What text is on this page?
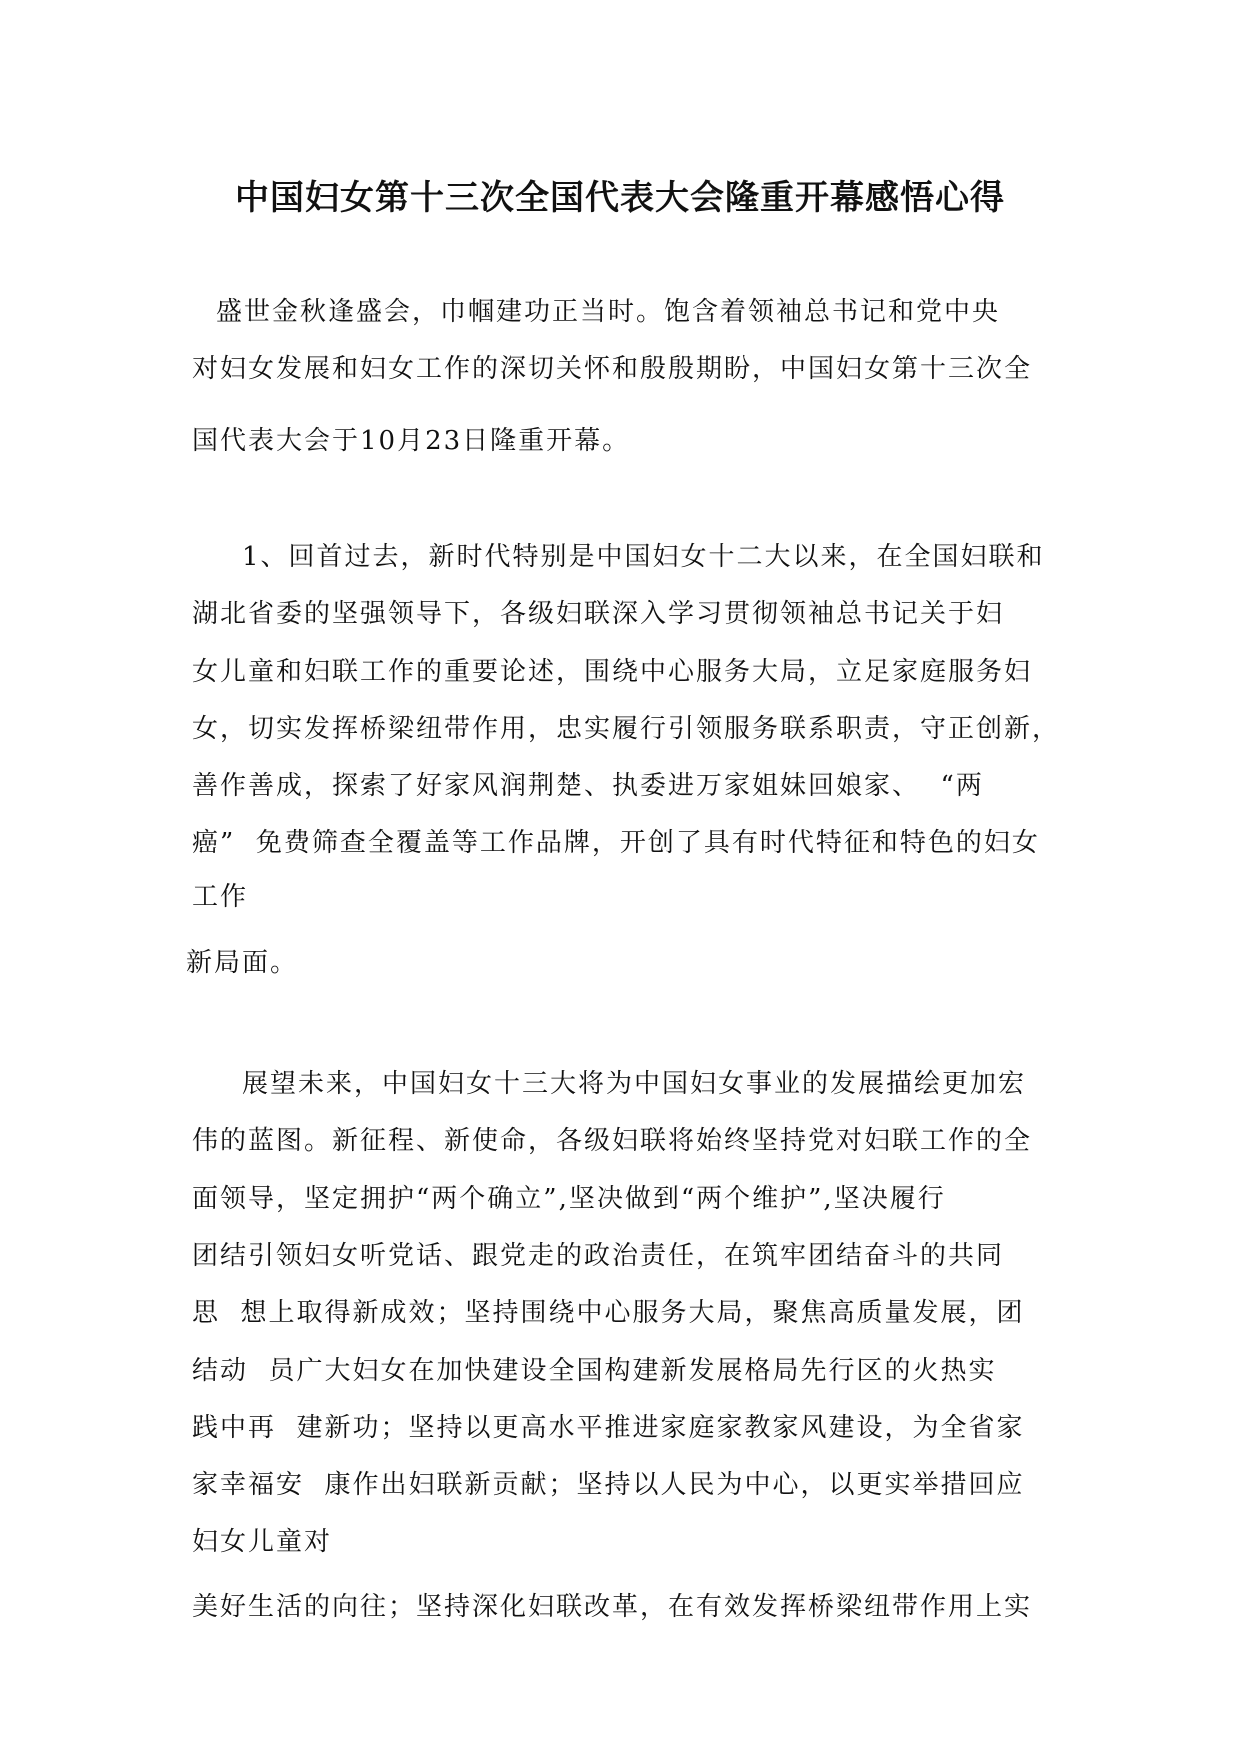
中国妇女第十三次全国代表大会隆重开幕感悟心得
盛世金秋逢盛会，巾帼建功正当时。饱含着领袖总书记和党中央
对妇女发展和妇女工作的深切关怀和殷殷期盼，中国妇女第十三次全
国代表大会于10月23日隆重开幕。
1、回首过去，新时代特别是中国妇女十二大以来，在全国妇联和
湖北省委的坚强领导下，各级妇联深入学习贯彻领袖总书记关于妇
女儿童和妇联工作的重要论述，围绕中心服务大局，立足家庭服务妇
女，切实发挥桥梁纽带作用，忠实履行引领服务联系职责，守正创新，
善作善成，探索了好家风润荆楚、执委进万家姐妹回娘家、  “两
癌”  免费筛查全覆盖等工作品牌，开创了具有时代特征和特色的妇女
工作
新局面。
展望未来，中国妇女十三大将为中国妇女事业的发展描绘更加宏
伟的蓝图。新征程、新使命，各级妇联将始终坚持党对妇联工作的全
面领导，坚定拥护“两个确立”,坚决做到“两个维护”,坚决履行
团结引领妇女听党话、跟党走的政治责任，在筑牢团结奋斗的共同
思  想上取得新成效；坚持围绕中心服务大局，聚焦高质量发展，团
结动  员广大妇女在加快建设全国构建新发展格局先行区的火热实
践中再  建新功；坚持以更高水平推进家庭家教家风建设，为全省家
家幸福安  康作出妇联新贡献；坚持以人民为中心，以更实举措回应
妇女儿童对
美好生活的向往；坚持深化妇联改革，在有效发挥桥梁纽带作用上实
